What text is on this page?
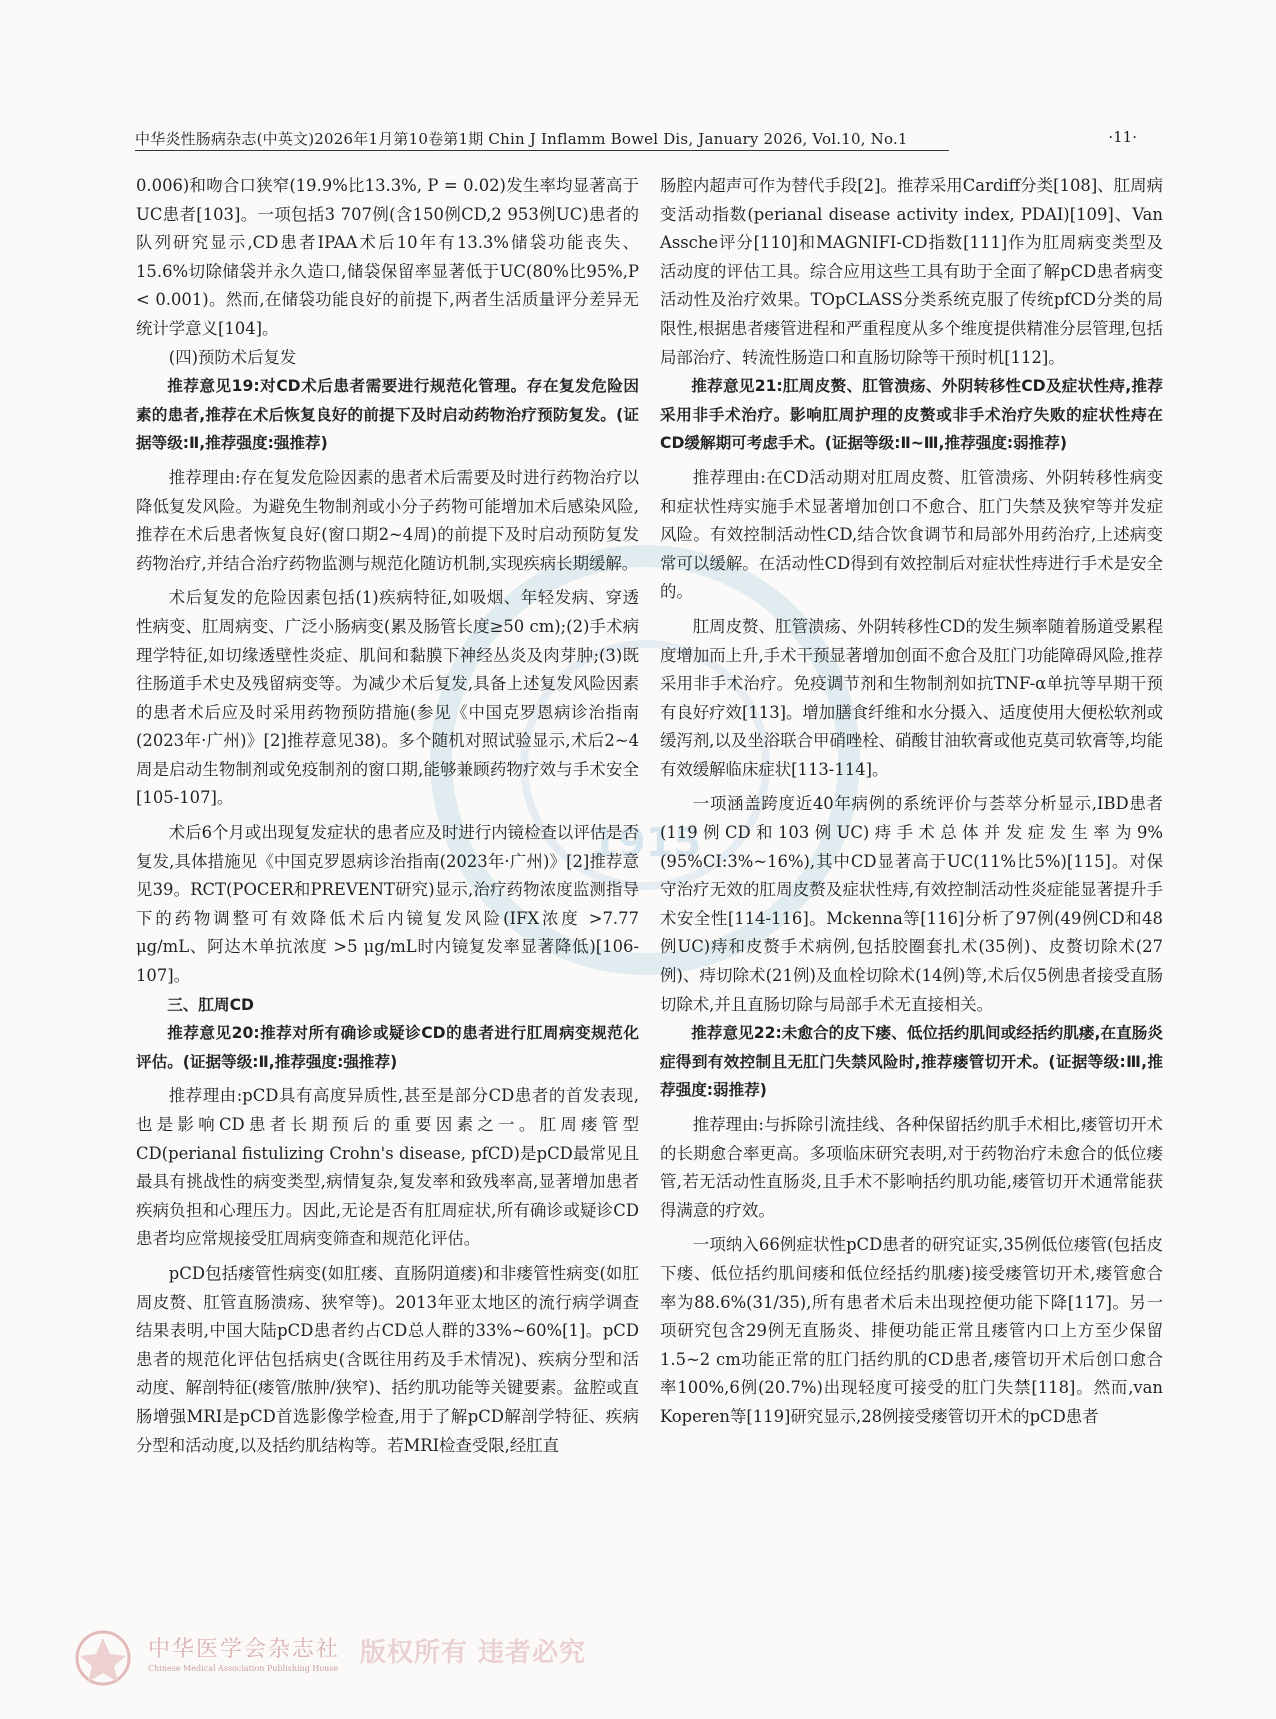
1915
中华炎性肠病杂志(中英文)2026年1月第10卷第1期 Chin J Inflamm Bowel Dis, January 2026, Vol.10, No.1	·11·

0.006)和吻合口狭窄(19.9%比13.3%, P = 0.02)发生率均显著高于UC患者[103]。一项包括3 707例(含150例CD,2 953例UC)患者的队列研究显示,CD患者IPAA术后10年有13.3%储袋功能丧失、15.6%切除储袋并永久造口,储袋保留率显著低于UC(80%比95%,P < 0.001)。然而,在储袋功能良好的前提下,两者生活质量评分差异无统计学意义[104]。

(四)预防术后复发

推荐意见19:对CD术后患者需要进行规范化管理。存在复发危险因素的患者,推荐在术后恢复良好的前提下及时启动药物治疗预防复发。(证据等级:Ⅱ,推荐强度:强推荐)

推荐理由:存在复发危险因素的患者术后需要及时进行药物治疗以降低复发风险。为避免生物制剂或小分子药物可能增加术后感染风险,推荐在术后患者恢复良好(窗口期2~4周)的前提下及时启动预防复发药物治疗,并结合治疗药物监测与规范化随访机制,实现疾病长期缓解。

术后复发的危险因素包括(1)疾病特征,如吸烟、年轻发病、穿透性病变、肛周病变、广泛小肠病变(累及肠管长度≥50 cm);(2)手术病理学特征,如切缘透壁性炎症、肌间和黏膜下神经丛炎及肉芽肿;(3)既往肠道手术史及残留病变等。为减少术后复发,具备上述复发风险因素的患者术后应及时采用药物预防措施(参见《中国克罗恩病诊治指南(2023年·广州)》[2]推荐意见38)。多个随机对照试验显示,术后2~4周是启动生物制剂或免疫制剂的窗口期,能够兼顾药物疗效与手术安全[105-107]。

术后6个月或出现复发症状的患者应及时进行内镜检查以评估是否复发,具体措施见《中国克罗恩病诊治指南(2023年·广州)》[2]推荐意见39。RCT(POCER和PREVENT研究)显示,治疗药物浓度监测指导下的药物调整可有效降低术后内镜复发风险(IFX浓度 >7.77 μg/mL、阿达木单抗浓度 >5 μg/mL时内镜复发率显著降低)[106-107]。

三、肛周CD

推荐意见20:推荐对所有确诊或疑诊CD的患者进行肛周病变规范化评估。(证据等级:Ⅱ,推荐强度:强推荐)

推荐理由:pCD具有高度异质性,甚至是部分CD患者的首发表现,也是影响CD患者长期预后的重要因素之一。肛周瘘管型CD(perianal fistulizing Crohn's disease, pfCD)是pCD最常见且最具有挑战性的病变类型,病情复杂,复发率和致残率高,显著增加患者疾病负担和心理压力。因此,无论是否有肛周症状,所有确诊或疑诊CD患者均应常规接受肛周病变筛查和规范化评估。

pCD包括瘘管性病变(如肛瘘、直肠阴道瘘)和非瘘管性病变(如肛周皮赘、肛管直肠溃疡、狭窄等)。2013年亚太地区的流行病学调查结果表明,中国大陆pCD患者约占CD总人群的33%~60%[1]。pCD患者的规范化评估包括病史(含既往用药及手术情况)、疾病分型和活动度、解剖特征(瘘管/脓肿/狭窄)、括约肌功能等关键要素。盆腔或直肠增强MRI是pCD首选影像学检查,用于了解pCD解剖学特征、疾病分型和活动度,以及括约肌结构等。若MRI检查受限,经肛直

肠腔内超声可作为替代手段[2]。推荐采用Cardiff分类[108]、肛周病变活动指数(perianal disease activity index, PDAI)[109]、Van Assche评分[110]和MAGNIFI-CD指数[111]作为肛周病变类型及活动度的评估工具。综合应用这些工具有助于全面了解pCD患者病变活动性及治疗效果。TOpCLASS分类系统克服了传统pfCD分类的局限性,根据患者瘘管进程和严重程度从多个维度提供精准分层管理,包括局部治疗、转流性肠造口和直肠切除等干预时机[112]。

推荐意见21:肛周皮赘、肛管溃疡、外阴转移性CD及症状性痔,推荐采用非手术治疗。影响肛周护理的皮赘或非手术治疗失败的症状性痔在CD缓解期可考虑手术。(证据等级:Ⅱ~Ⅲ,推荐强度:弱推荐)

推荐理由:在CD活动期对肛周皮赘、肛管溃疡、外阴转移性病变和症状性痔实施手术显著增加创口不愈合、肛门失禁及狭窄等并发症风险。有效控制活动性CD,结合饮食调节和局部外用药治疗,上述病变常可以缓解。在活动性CD得到有效控制后对症状性痔进行手术是安全的。

肛周皮赘、肛管溃疡、外阴转移性CD的发生频率随着肠道受累程度增加而上升,手术干预显著增加创面不愈合及肛门功能障碍风险,推荐采用非手术治疗。免疫调节剂和生物制剂如抗TNF-α单抗等早期干预有良好疗效[113]。增加膳食纤维和水分摄入、适度使用大便松软剂或缓泻剂,以及坐浴联合甲硝唑栓、硝酸甘油软膏或他克莫司软膏等,均能有效缓解临床症状[113-114]。

一项涵盖跨度近40年病例的系统评价与荟萃分析显示,IBD患者(119例CD和103例UC)痔手术总体并发症发生率为9%(95%CI:3%~16%),其中CD显著高于UC(11%比5%)[115]。对保守治疗无效的肛周皮赘及症状性痔,有效控制活动性炎症能显著提升手术安全性[114-116]。Mckenna等[116]分析了97例(49例CD和48例UC)痔和皮赘手术病例,包括胶圈套扎术(35例)、皮赘切除术(27例)、痔切除术(21例)及血栓切除术(14例)等,术后仅5例患者接受直肠切除术,并且直肠切除与局部手术无直接相关。

推荐意见22:未愈合的皮下瘘、低位括约肌间或经括约肌瘘,在直肠炎症得到有效控制且无肛门失禁风险时,推荐瘘管切开术。(证据等级:Ⅲ,推荐强度:弱推荐)

推荐理由:与拆除引流挂线、各种保留括约肌手术相比,瘘管切开术的长期愈合率更高。多项临床研究表明,对于药物治疗未愈合的低位瘘管,若无活动性直肠炎,且手术不影响括约肌功能,瘘管切开术通常能获得满意的疗效。

一项纳入66例症状性pCD患者的研究证实,35例低位瘘管(包括皮下瘘、低位括约肌间瘘和低位经括约肌瘘)接受瘘管切开术,瘘管愈合率为88.6%(31/35),所有患者术后未出现控便功能下降[117]。另一项研究包含29例无直肠炎、排便功能正常且瘘管内口上方至少保留1.5~2 cm功能正常的肛门括约肌的CD患者,瘘管切开术后创口愈合率100%,6例(20.7%)出现轻度可接受的肛门失禁[118]。然而,van Koperen等[119]研究显示,28例接受瘘管切开术的pCD患者

中华医学会杂志社
Chinese Medical Association Publishing House
版权所有 违者必究
